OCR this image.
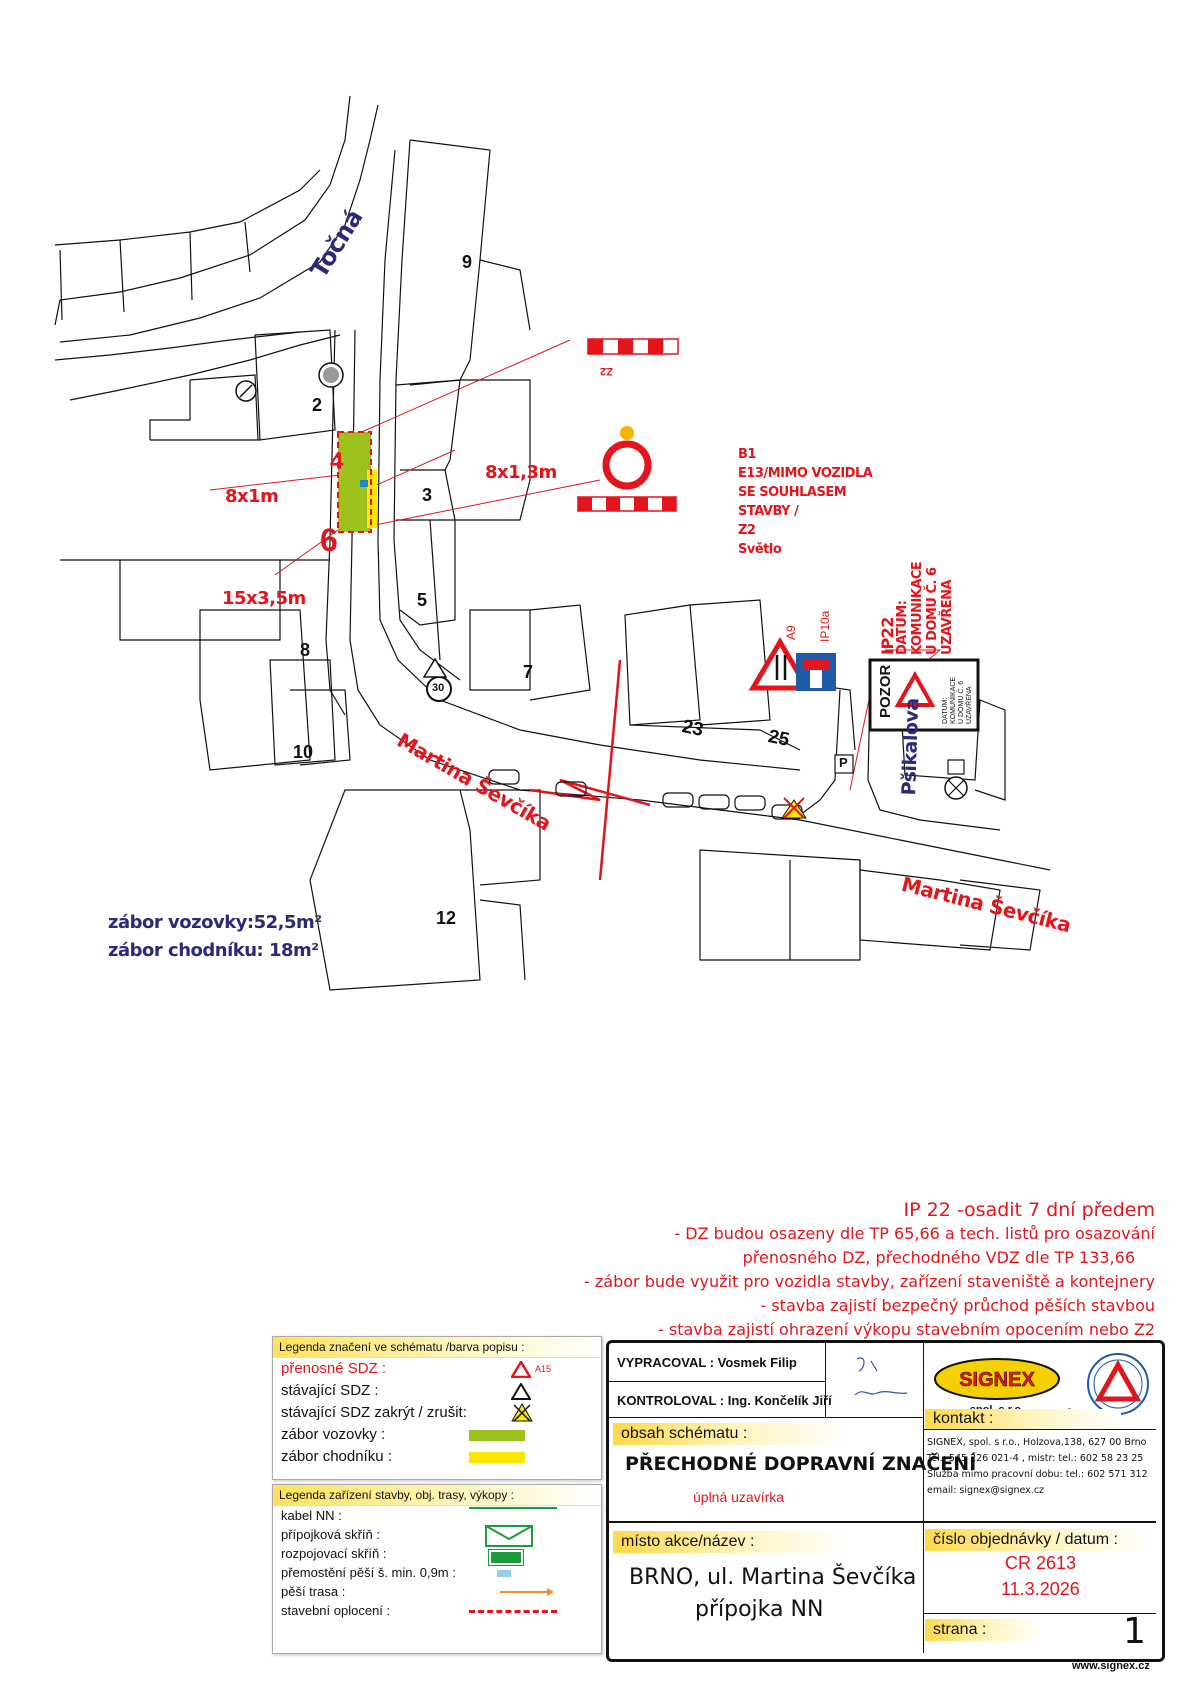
Točná
Martina Ševčíka
Martina Ševčíka
Pšikalova
9
2
3
5
7
8
10
12
23	25
4
6
8x1m
8x1,3m
15x3,5m
Z2
B1
E13/MIMO VOZIDLA
SE SOUHLASEM
STAVBY /
Z2
Světlo
A9 IP10a	IP22
DATUM: KOMUNIKACE U DOMU Č. 6 UZAVŘENA
POZOR	DATUM: KOMUNIKACE U DOMU Č. 6 UZAVŘENA
30
P
zábor vozovky:52,5m²
zábor chodníku: 18m²
IP 22 -osadit 7 dní předem
- DZ budou osazeny dle TP 65,66 a tech. listů pro osazování
přenosného DZ, přechodného VDZ dle TP 133,66
- zábor bude využit pro vozidla stavby, zařízení staveniště a kontejnery
- stavba zajistí bezpečný průchod pěších stavbou
- stavba zajistí ohrazení výkopu stavebním opocením nebo Z2
Legenda značení ve schématu /barva popisu :
přenosné SDZ :	A15
stávající SDZ :
stávající SDZ zakrýt / zrušit:
zábor vozovky :
zábor chodníku :
Legenda zařízení stavby, obj. trasy, výkopy :
kabel NN :
přípojková skříň :
rozpojovací skříň :
přemostění pěší š. min. 0,9m :
pěší trasa :
stavební oplocení :
VYPRACOVAL : Vosmek Filip
KONTROLOVAL : Ing. Končelík Jiří
SIGNEX
obsah schématu :
PŘECHODNÉ DOPRAVNÍ ZNAČENÍ
úplná uzavírka
kontakt :
SIGNEX, spol. s r.o., Holzova,138, 627 00 Brno
Tel.: 545 226 021-4 , mistr: tel.: 602 58 23 25
Služba mimo pracovní dobu: tel.: 602 571 312
email: signex@signex.cz
místo akce/název :
BRNO, ul. Martina Ševčíka
přípojka NN
číslo objednávky / datum :
CR 2613
11.3.2026
strana :	1
www.signex.cz
